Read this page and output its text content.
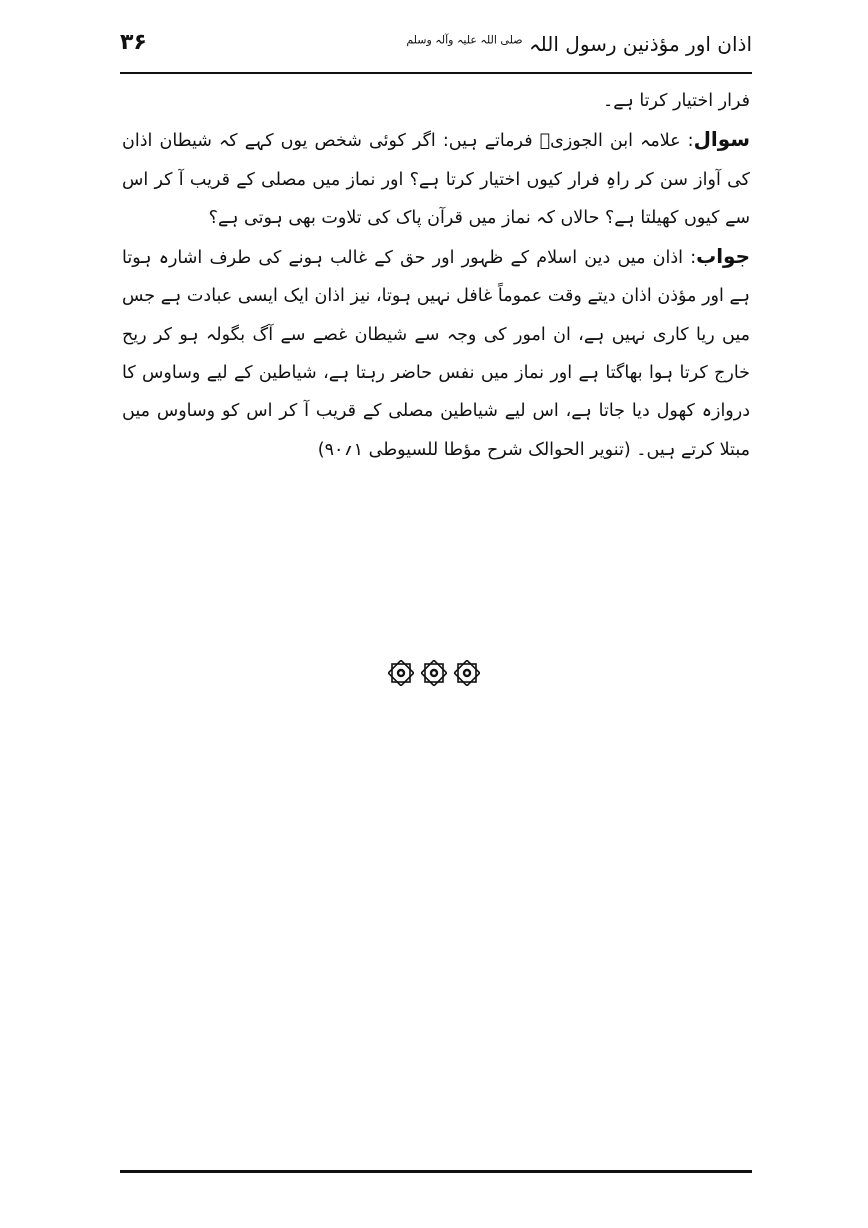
اذان اور مؤذنین رسول اللہ $^{صلی اللہ علیہ وآلہ وسلم}$
۳۶

فرار اختیار کرتا ہے۔

سوال: علامہ ابن الجوزیؒ فرماتے ہیں: اگر کوئی شخص یوں کہے کہ شیطان اذان کی آواز سن کر راہِ فرار کیوں اختیار کرتا ہے؟ اور نماز میں مصلی کے قریب آ کر اس سے کیوں کھیلتا ہے؟ حالاں کہ نماز میں قرآن پاک کی تلاوت بھی ہوتی ہے؟

جواب: اذان میں دین اسلام کے ظہور اور حق کے غالب ہونے کی طرف اشارہ ہوتا ہے اور مؤذن اذان دیتے وقت عموماً غافل نہیں ہوتا، نیز اذان ایک ایسی عبادت ہے جس میں ریا کاری نہیں ہے، ان امور کی وجہ سے شیطان غصے سے آگ بگولہ ہو کر ریح خارج کرتا ہوا بھاگتا ہے اور نماز میں نفس حاضر رہتا ہے، شیاطین کے لیے وساوس کا دروازہ کھول دیا جاتا ہے، اس لیے شیاطین مصلی کے قریب آ کر اس کو وساوس میں مبتلا کرتے ہیں۔ (تنویر الحوالک شرح مؤطا للسیوطی ۱؍۹۰)
